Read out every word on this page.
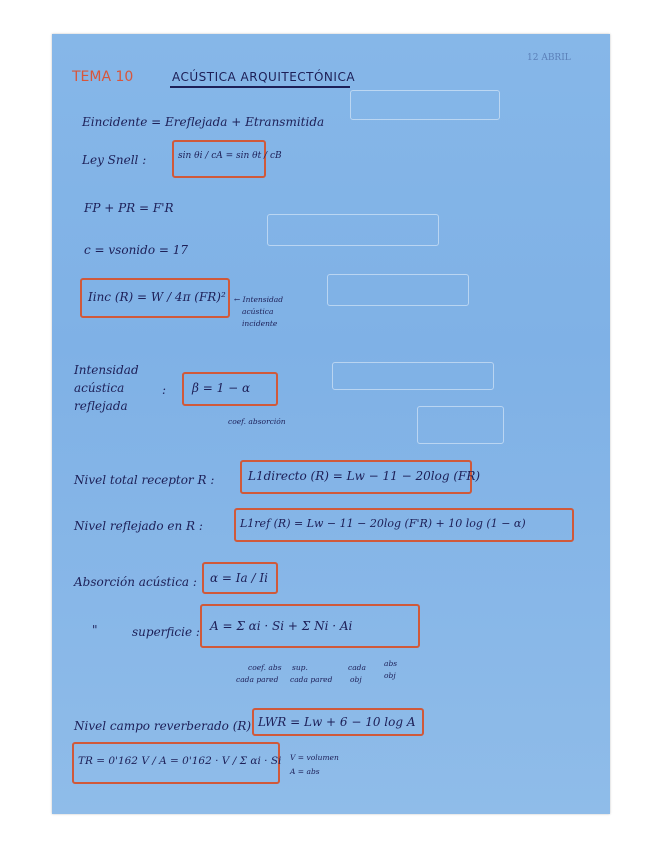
TEMA 10	ACÚSTICA ARQUITECTÓNICA
12 ABRIL
Eincidente = Ereflejada + Etransmitida
Ley Snell :	sin θi / cA = sin θt / cB
FP + PR = F'R
c = vsonido = 17
Iinc (R) = W / 4π (FR)² ← Intensidad
acústica
incidente
Intensidad
acústica
reflejada
: β = 1 − α
coef. absorción
Nivel total receptor R :	L1directo (R) = Lw − 11 − 20log (FR)
Nivel reflejado en R :	L1ref (R) = Lw − 11 − 20log (F'R) + 10 log (1 − α)
Absorción acústica : α = Ia / Ii
"	superficie : A = Σ αi · Si + Σ Ni · Ai
coef. abs
cada pared
sup.
cada pared
cada
obj
abs
obj
Nivel campo reverberado (R) LWR = Lw + 6 − 10 log A
TR = 0'162 V / A = 0'162 · V / Σ αi · Si V = volumen
A = abs
